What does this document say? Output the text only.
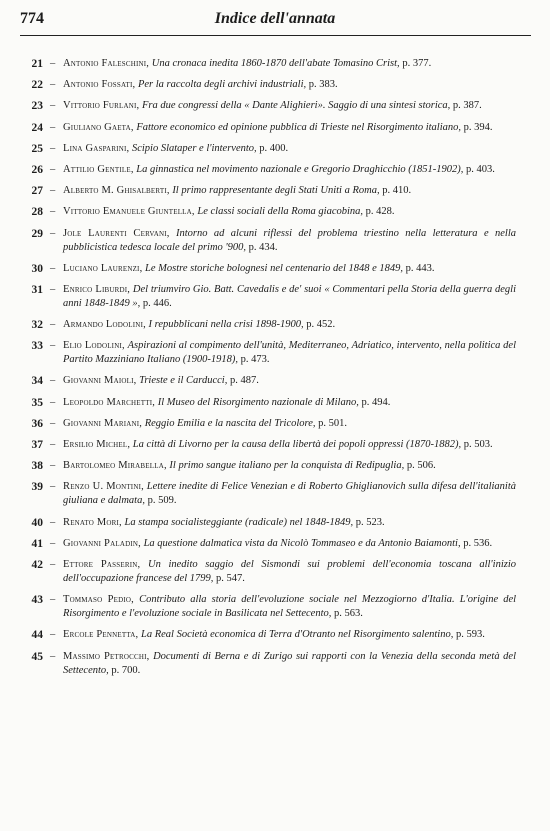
774	Indice dell'annata
21 – Antonio Faleschini, Una cronaca inedita 1860-1870 dell'abate Tomasino Crist, p. 377.
22 – Antonio Fossati, Per la raccolta degli archivi industriali, p. 383.
23 – Vittorio Furlani, Fra due congressi della « Dante Alighieri». Saggio di una sintesi storica, p. 387.
24 – Giuliano Gaeta, Fattore economico ed opinione pubblica di Trieste nel Risorgimento italiano, p. 394.
25 – Lina Gasparini, Scipio Slataper e l'intervento, p. 400.
26 – Attilio Gentile, La ginnastica nel movimento nazionale e Gregorio Draghicchio (1851-1902), p. 403.
27 – Alberto M. Ghisalberti, Il primo rappresentante degli Stati Uniti a Roma, p. 410.
28 – Vittorio Emanuele Giuntella, Le classi sociali della Roma giacobina, p. 428.
29 – Jole Laurenti Cervani, Intorno ad alcuni riflessi del problema triestino nella letteratura e nella pubblicistica tedesca locale del primo '900, p. 434.
30 – Luciano Laurenzi, Le Mostre storiche bolognesi nel centenario del 1848 e 1849, p. 443.
31 – Enrico Liburdi, Del triumviro Gio. Batt. Cavedalis e de' suoi « Commentari pella Storia della guerra degli anni 1848-1849 », p. 446.
32 – Armando Lodolini, I repubblicani nella crisi 1898-1900, p. 452.
33 – Elio Lodolini, Aspirazioni al compimento dell'unità, Mediterraneo, Adriatico, intervento, nella politica del Partito Mazziniano Italiano (1900-1918), p. 473.
34 – Giovanni Maioli, Trieste e il Carducci, p. 487.
35 – Leopoldo Marchetti, Il Museo del Risorgimento nazionale di Milano, p. 494.
36 – Giovanni Mariani, Reggio Emilia e la nascita del Tricolore, p. 501.
37 – Ersilio Michel, La città di Livorno per la causa della libertà dei popoli oppressi (1870-1882), p. 503.
38 – Bartolomeo Mirabella, Il primo sangue italiano per la conquista di Redipuglia, p. 506.
39 – Renzo U. Montini, Lettere inedite di Felice Venezian e di Roberto Ghiglianovich sulla difesa dell'italianità giuliana e dalmata, p. 509.
40 – Renato Mori, La stampa socialisteggiante (radicale) nel 1848-1849, p. 523.
41 – Giovanni Paladin, La questione dalmatica vista da Nicolò Tommaseo e da Antonio Baiamonti, p. 536.
42 – Ettore Passerin, Un inedito saggio del Sismondi sui problemi dell'economia toscana all'inizio dell'occupazione francese del 1799, p. 547.
43 – Tommaso Pedio, Contributo alla storia dell'evoluzione sociale nel Mezzogiorno d'Italia. L'origine del Risorgimento e l'evoluzione sociale in Basilicata nel Settecento, p. 563.
44 – Ercole Pennetta, La Real Società economica di Terra d'Otranto nel Risorgimento salentino, p. 593.
45 – Massimo Petrocchi, Documenti di Berna e di Zurigo sui rapporti con la Venezia della seconda metà del Settecento, p. 700.
